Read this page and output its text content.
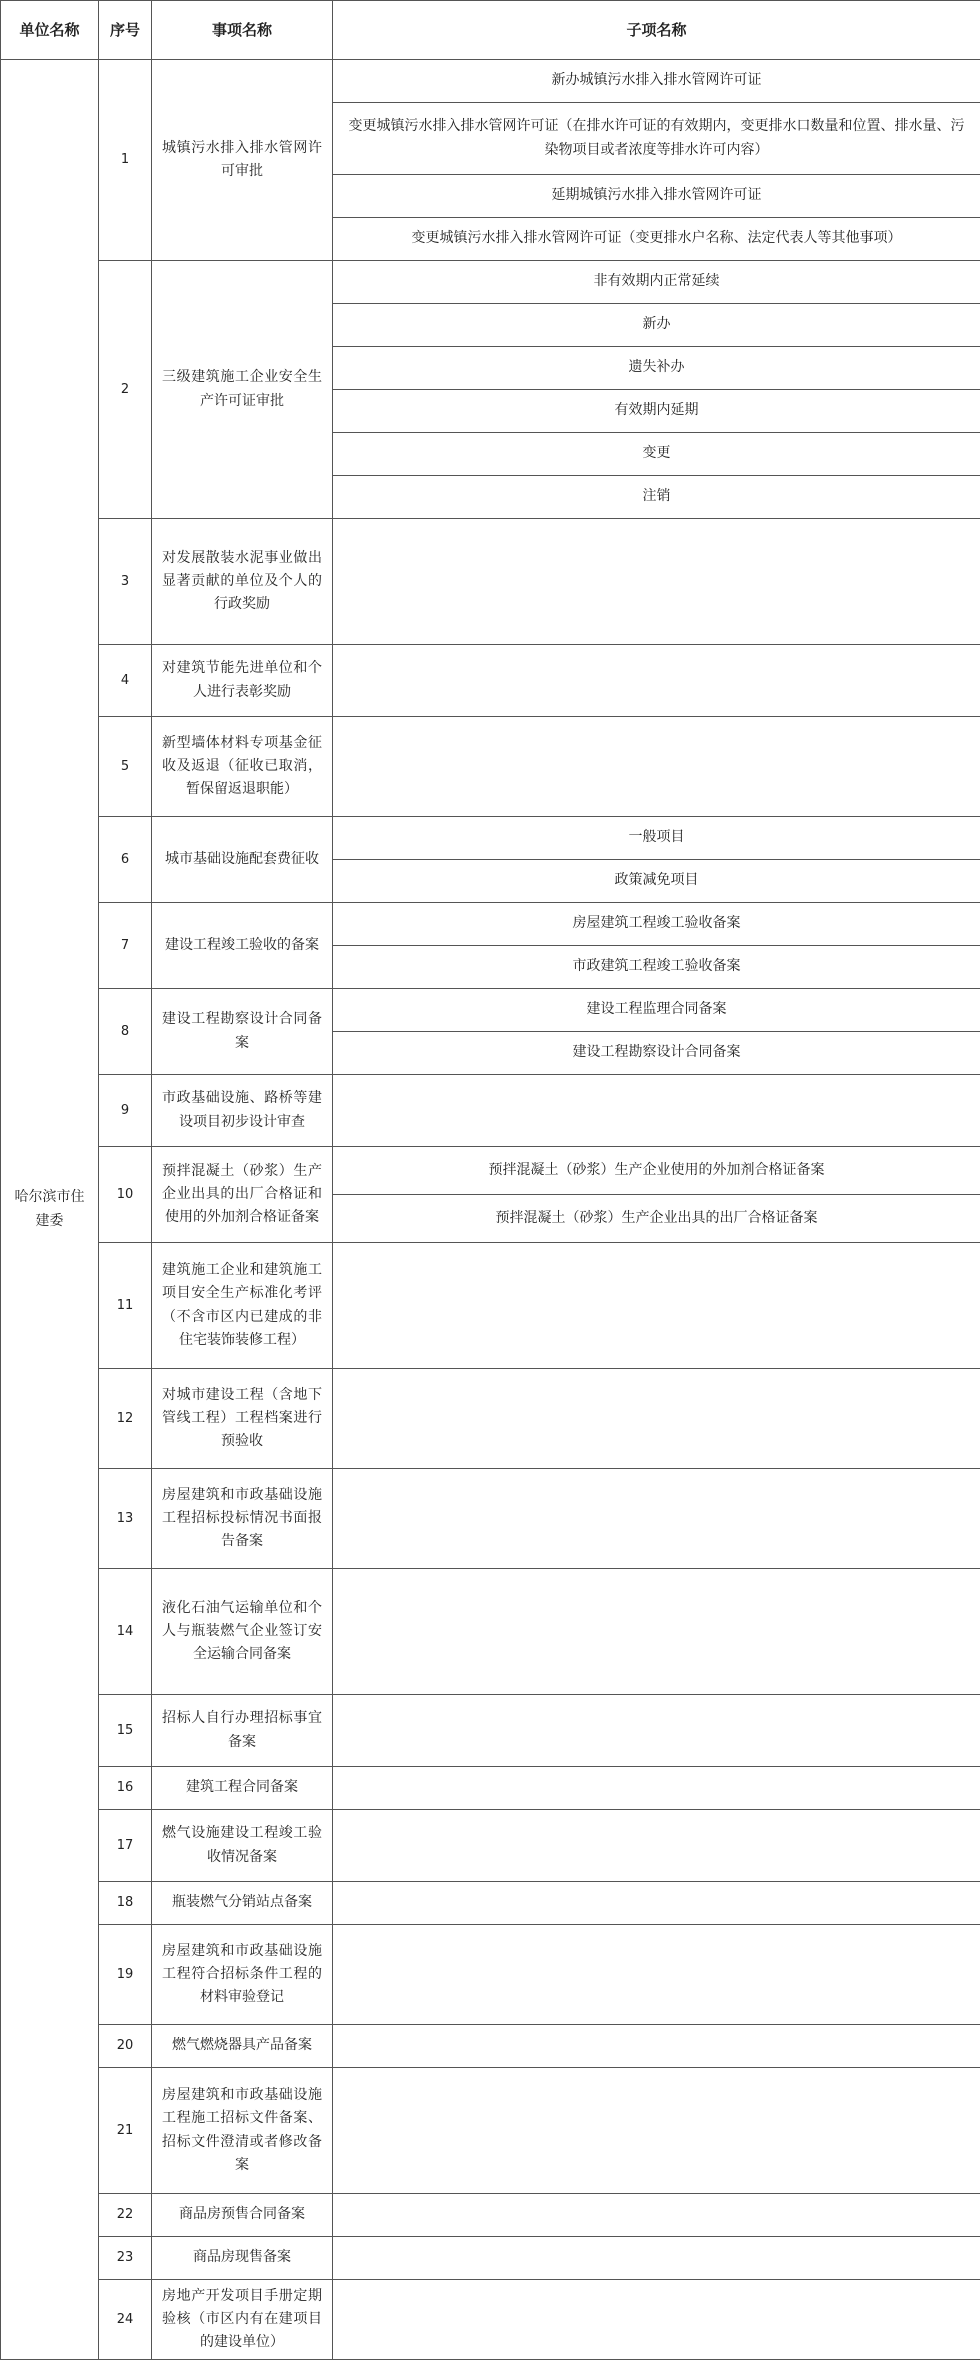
单位名称	序号	事项名称	子项名称
哈尔滨市住建委	1	城镇污水排入排水管网许可审批	新办城镇污水排入排水管网许可证
			变更城镇污水排入排水管网许可证（在排水许可证的有效期内，变更排水口数量和位置、排水量、污染物项目或者浓度等排水许可内容）
			延期城镇污水排入排水管网许可证
			变更城镇污水排入排水管网许可证（变更排水户名称、法定代表人等其他事项）
	2	三级建筑施工企业安全生产许可证审批	非有效期内正常延续
			新办
			遗失补办
			有效期内延期
			变更
			注销
	3	对发展散装水泥事业做出显著贡献的单位及个人的行政奖励	
	4	对建筑节能先进单位和个人进行表彰奖励	
	5	新型墙体材料专项基金征收及返退（征收已取消，暂保留返退职能）	
	6	城市基础设施配套费征收	一般项目
			政策减免项目
	7	建设工程竣工验收的备案	房屋建筑工程竣工验收备案
			市政建筑工程竣工验收备案
	8	建设工程勘察设计合同备案	建设工程监理合同备案
			建设工程勘察设计合同备案
	9	市政基础设施、路桥等建设项目初步设计审查	
	10	预拌混凝土（砂浆）生产企业出具的出厂合格证和使用的外加剂合格证备案	预拌混凝土（砂浆）生产企业使用的外加剂合格证备案
			预拌混凝土（砂浆）生产企业出具的出厂合格证备案
	11	建筑施工企业和建筑施工项目安全生产标准化考评（不含市区内已建成的非住宅装饰装修工程）	
	12	对城市建设工程（含地下管线工程）工程档案进行预验收	
	13	房屋建筑和市政基础设施工程招标投标情况书面报告备案	
	14	液化石油气运输单位和个人与瓶装燃气企业签订安全运输合同备案	
	15	招标人自行办理招标事宜备案	
	16	建筑工程合同备案	
	17	燃气设施建设工程竣工验收情况备案	
	18	瓶装燃气分销站点备案	
	19	房屋建筑和市政基础设施工程符合招标条件工程的材料审验登记	
	20	燃气燃烧器具产品备案	
	21	房屋建筑和市政基础设施工程施工招标文件备案、招标文件澄清或者修改备案	
	22	商品房预售合同备案	
	23	商品房现售备案	
	24	房地产开发项目手册定期验核（市区内有在建项目的建设单位）	
